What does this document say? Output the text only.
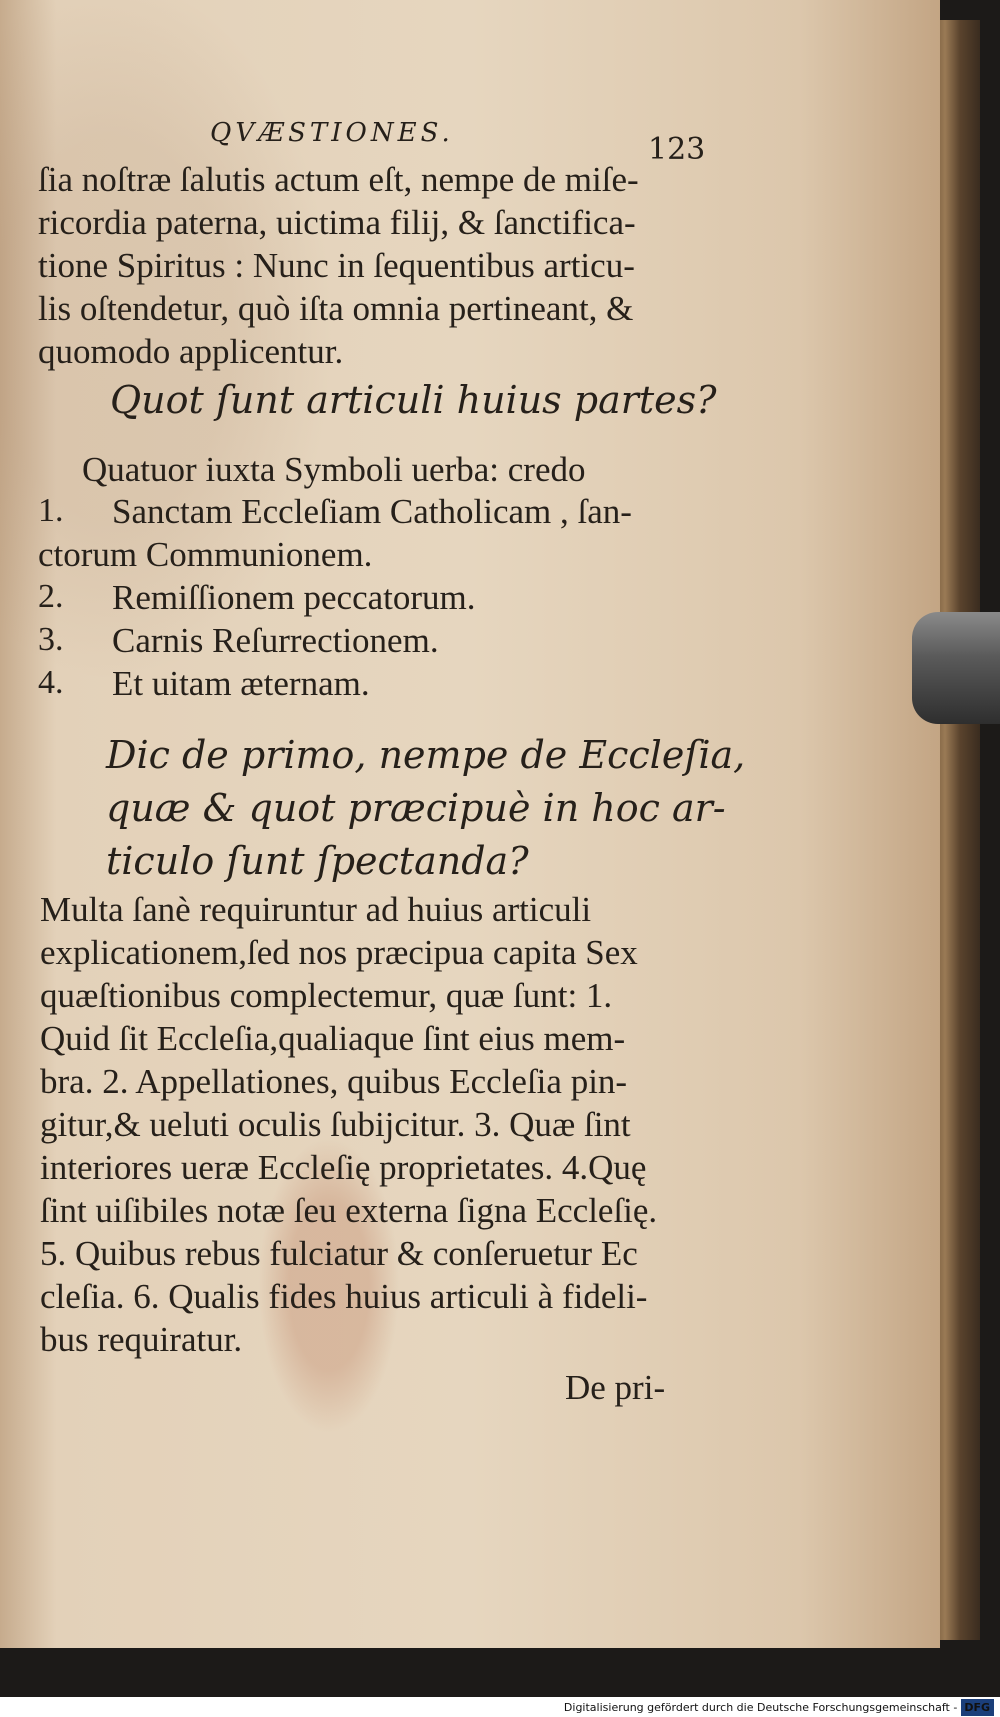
QVÆSTIONES.	123
ſia noſtræ ſalutis actum eſt, nempe de miſe-
ricordia paterna, uictima filij, & ſanctifica-
tione Spiritus : Nunc in ſequentibus articu-
lis oſtendetur, quò iſta omnia pertineant, &
quomodo applicentur.
Quot ſunt articuli huius partes?
Quatuor iuxta Symboli uerba: credo
1. Sanctam Eccleſiam Catholicam , ſan-
ctorum Communionem.
2. Remiſſionem peccatorum.
3. Carnis Reſurrectionem.
4. Et uitam æternam.
Dic de primo, nempe de Eccleſia,
quæ & quot præcipuè in hoc ar-
ticulo ſunt ſpectanda?
Multa ſanè requiruntur ad huius articuli
explicationem,ſed nos præcipua capita Sex
quæſtionibus complectemur, quæ ſunt: 1.
Quid ſit Eccleſia,qualiaque ſint eius mem-
bra. 2. Appellationes, quibus Eccleſia pin-
gitur,& ueluti oculis ſubijcitur. 3. Quæ ſint
interiores ueræ Eccleſię proprietates. 4.Quę
ſint uiſibiles notæ ſeu externa ſigna Eccleſię.
5. Quibus rebus fulciatur & conſeruetur Ec
cleſia. 6. Qualis fides huius articuli à fideli-
bus requiratur.
De pri-
Digitalisierung gefördert durch die Deutsche Forschungsgemeinschaft - DFG
